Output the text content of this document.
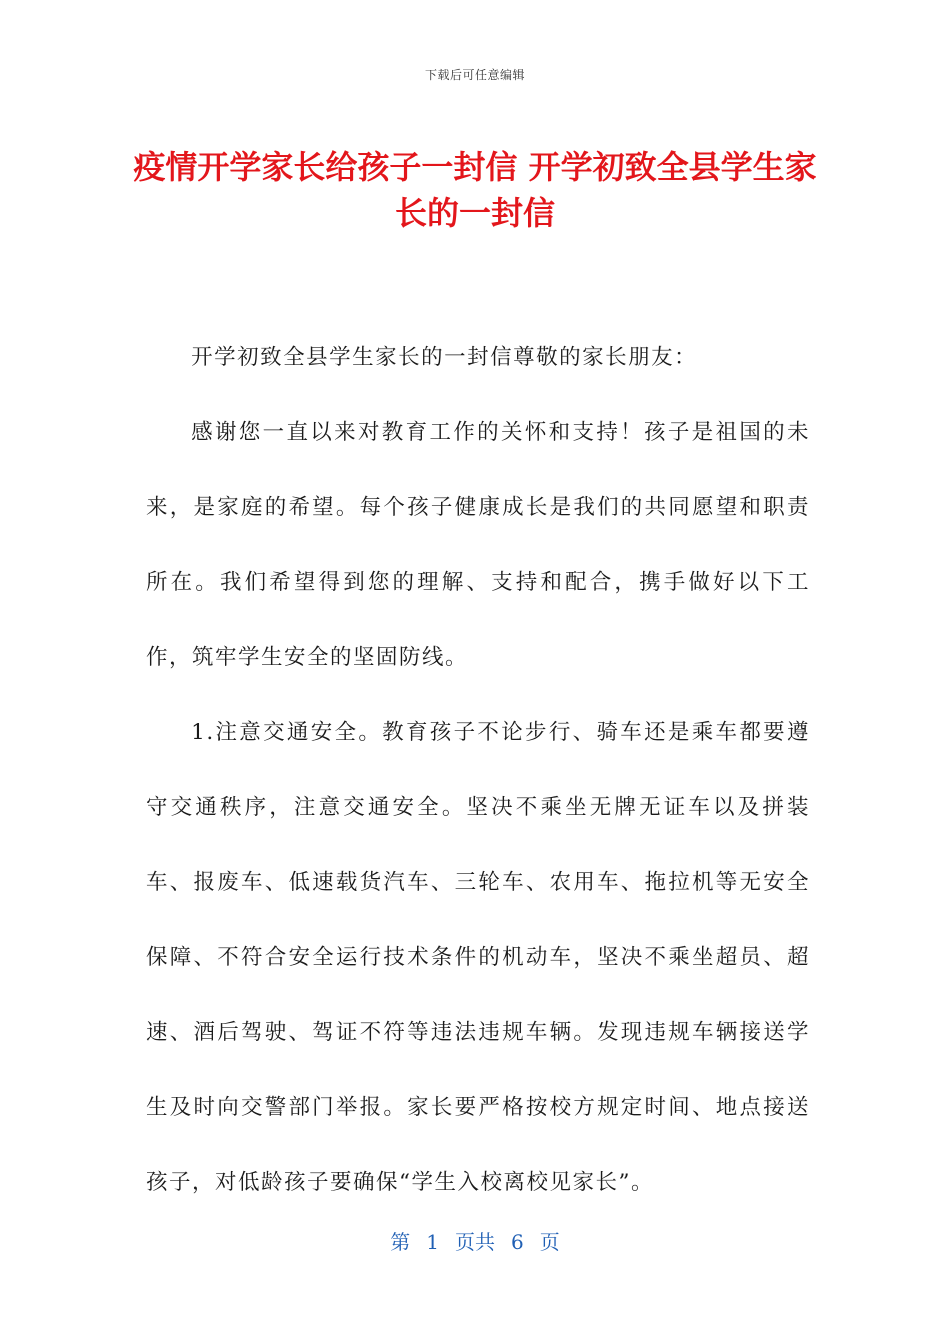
下载后可任意编辑
疫情开学家长给孩子一封信 开学初致全县学生家长的一封信

开学初致全县学生家长的一封信尊敬的家长朋友：

感谢您一直以来对教育工作的关怀和支持！孩子是祖国的未来，是家庭的希望。每个孩子健康成长是我们的共同愿望和职责所在。我们希望得到您的理解、支持和配合，携手做好以下工作，筑牢学生安全的坚固防线。

1.注意交通安全。教育孩子不论步行、骑车还是乘车都要遵守交通秩序，注意交通安全。坚决不乘坐无牌无证车以及拼装车、报废车、低速载货汽车、三轮车、农用车、拖拉机等无安全保障、不符合安全运行技术条件的机动车，坚决不乘坐超员、超速、酒后驾驶、驾证不符等违法违规车辆。发现违规车辆接送学生及时向交警部门举报。家长要严格按校方规定时间、地点接送孩子，对低龄孩子要确保“学生入校离校见家长”。

第 1 页共 6 页
